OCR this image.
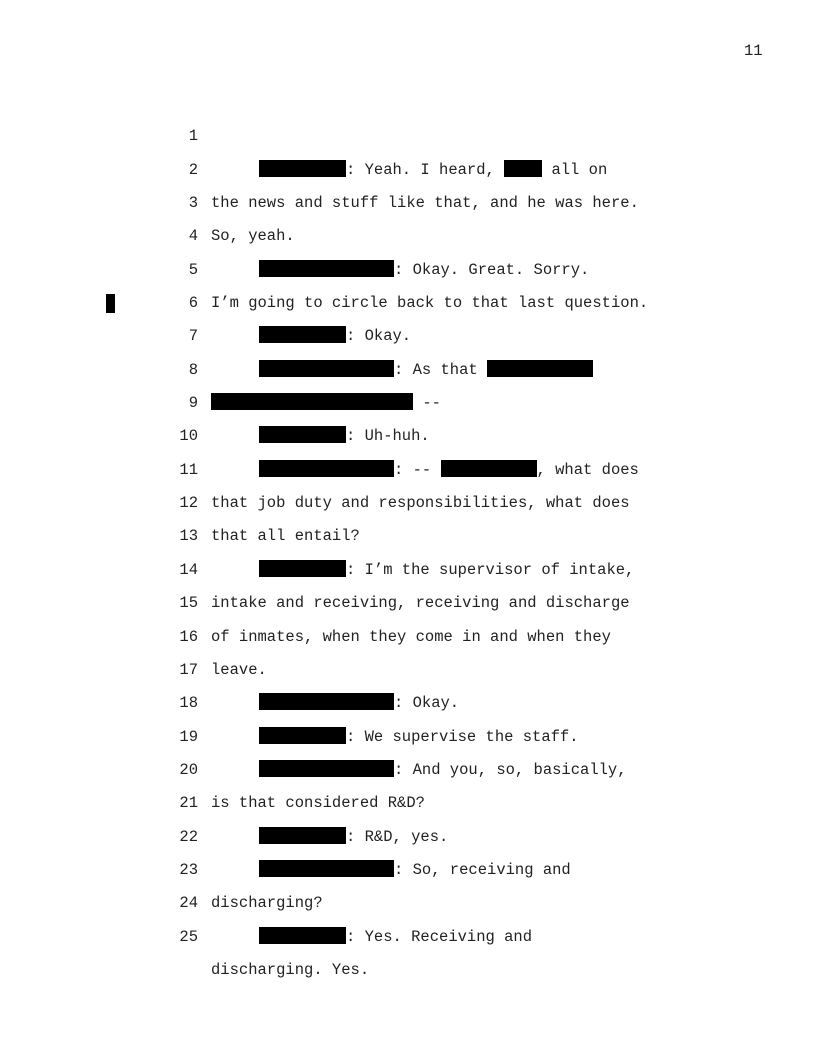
11

1

: Yeah. I heard,	all on

2

the news and stuff like that, and he was here.

3

So, yeah.

4

: Okay. Great. Sorry.

5

I’m going to circle back to that last question.

6

: Okay.

7

: As that

8

--

9

: Uh-huh.

10

: --	, what does

11

that job duty and responsibilities, what does

12

that all entail?

13

: I’m the supervisor of intake,

14

intake and receiving, receiving and discharge

15

of inmates, when they come in and when they

16

leave.

17

: Okay.

18

: We supervise the staff.

19

: And you, so, basically,

20

is that considered R&D?

21

: R&D, yes.

22

: So, receiving and

23

discharging?

24

: Yes. Receiving and

25

discharging. Yes.
